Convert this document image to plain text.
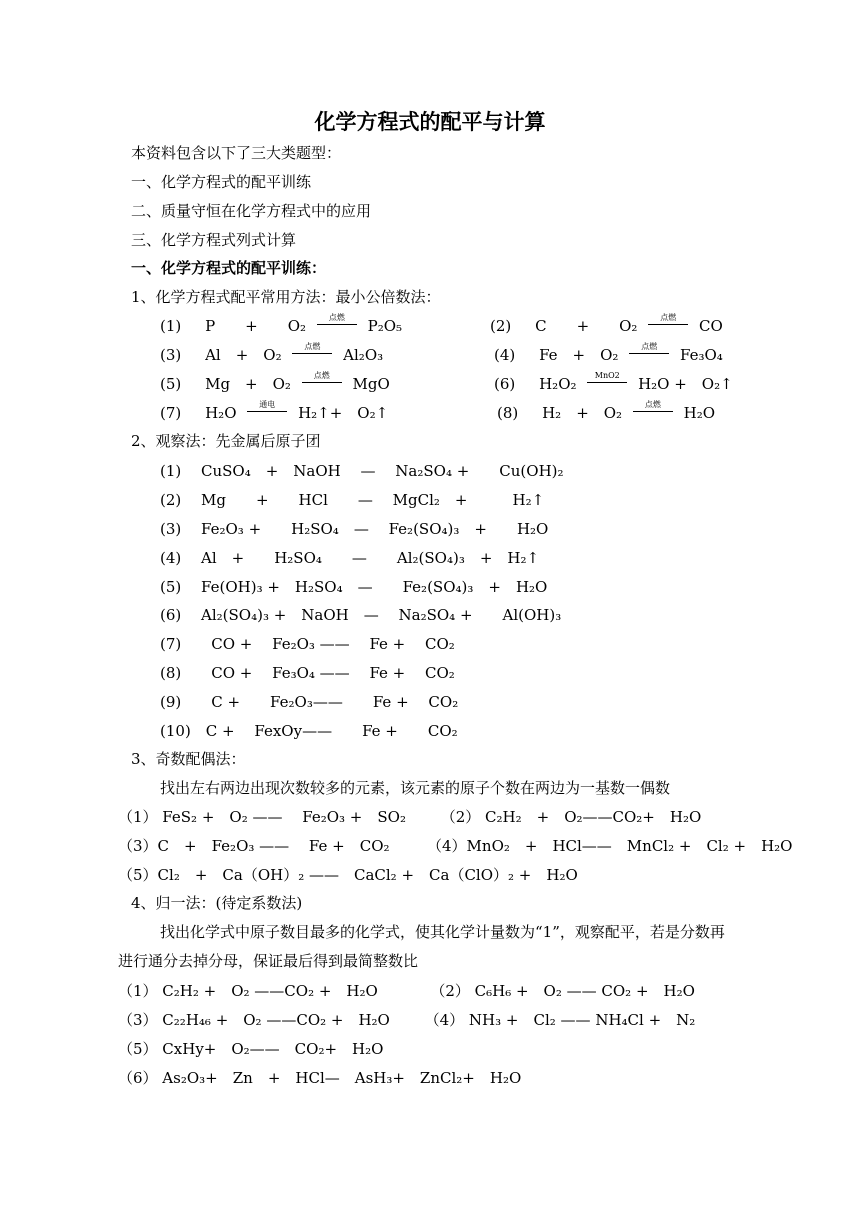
化学方程式的配平与计算
本资料包含以下了三大类题型：
一、化学方程式的配平训练
二、质量守恒在化学方程式中的应用
三、化学方程式列式计算
一、化学方程式的配平训练：
1、化学方程式配平常用方法：最小公倍数法：
(1) P　　+　　O₂	点燃	P₂O₅	(2) C　　+　　O₂	点燃	CO
(3) Al　+　O₂	点燃	Al₂O₃	(4) Fe　+　O₂	点燃	Fe₃O₄
(5) Mg　+　O₂	点燃	MgO	(6) H₂O₂	MnO2	H₂O +　O₂↑
(7) H₂O	通电	H₂↑+　O₂↑	(8) H₂　+　O₂	点燃	H₂O
2、观察法：先金属后原子团
(1)　 CuSO₄　+　NaOH　 —　 Na₂SO₄ +　　Cu(OH)₂
(2)　 Mg　　+　　HCl　　—　 MgCl₂　+　　　H₂↑
(3)　 Fe₂O₃ +　　H₂SO₄　—　 Fe₂(SO₄)₃　+　　H₂O
(4)　 Al　+　　H₂SO₄　　—　　Al₂(SO₄)₃　+　H₂↑
(5)　 Fe(OH)₃ +　H₂SO₄　—　　Fe₂(SO₄)₃　+　H₂O
(6)　 Al₂(SO₄)₃ +　NaOH　—　 Na₂SO₄ +　　Al(OH)₃
(7)　　CO +　 Fe₂O₃ ——　 Fe +　 CO₂
(8)　　CO +　 Fe₃O₄ ——　 Fe +　 CO₂
(9)　　C +　　Fe₂O₃——　　Fe +　 CO₂
(10)　C +　 FexOy——　　Fe +　　CO₂
3、奇数配偶法：
找出左右两边出现次数较多的元素，该元素的原子个数在两边为一基数一偶数
（1） FeS₂ +　O₂ ——　 Fe₂O₃ +　SO₂　　 （2） C₂H₂　+　O₂——CO₂+　H₂O
（3）C　+　Fe₂O₃ ——　 Fe +　CO₂　　　（4）MnO₂　+　HCl——　MnCl₂ +　Cl₂ +　H₂O
（5）Cl₂　+　Ca（OH）₂ ——　CaCl₂ +　Ca（ClO）₂ +　H₂O
4、归一法：(待定系数法)
找出化学式中原子数目最多的化学式，使其化学计量数为“1”，观察配平，若是分数再
进行通分去掉分母，保证最后得到最简整数比
（1） C₂H₂ +　O₂ ——CO₂ +　H₂O　　　　（2） C₆H₆ +　O₂ —— CO₂ +　H₂O
（3） C₂₂H₄₆ +　O₂ ——CO₂ +　H₂O　　 （4） NH₃ +　Cl₂ —— NH₄Cl +　N₂
（5） CxHy+　O₂——　CO₂+　H₂O
（6） As₂O₃+　Zn　+　HCl—　AsH₃+　ZnCl₂+　H₂O
